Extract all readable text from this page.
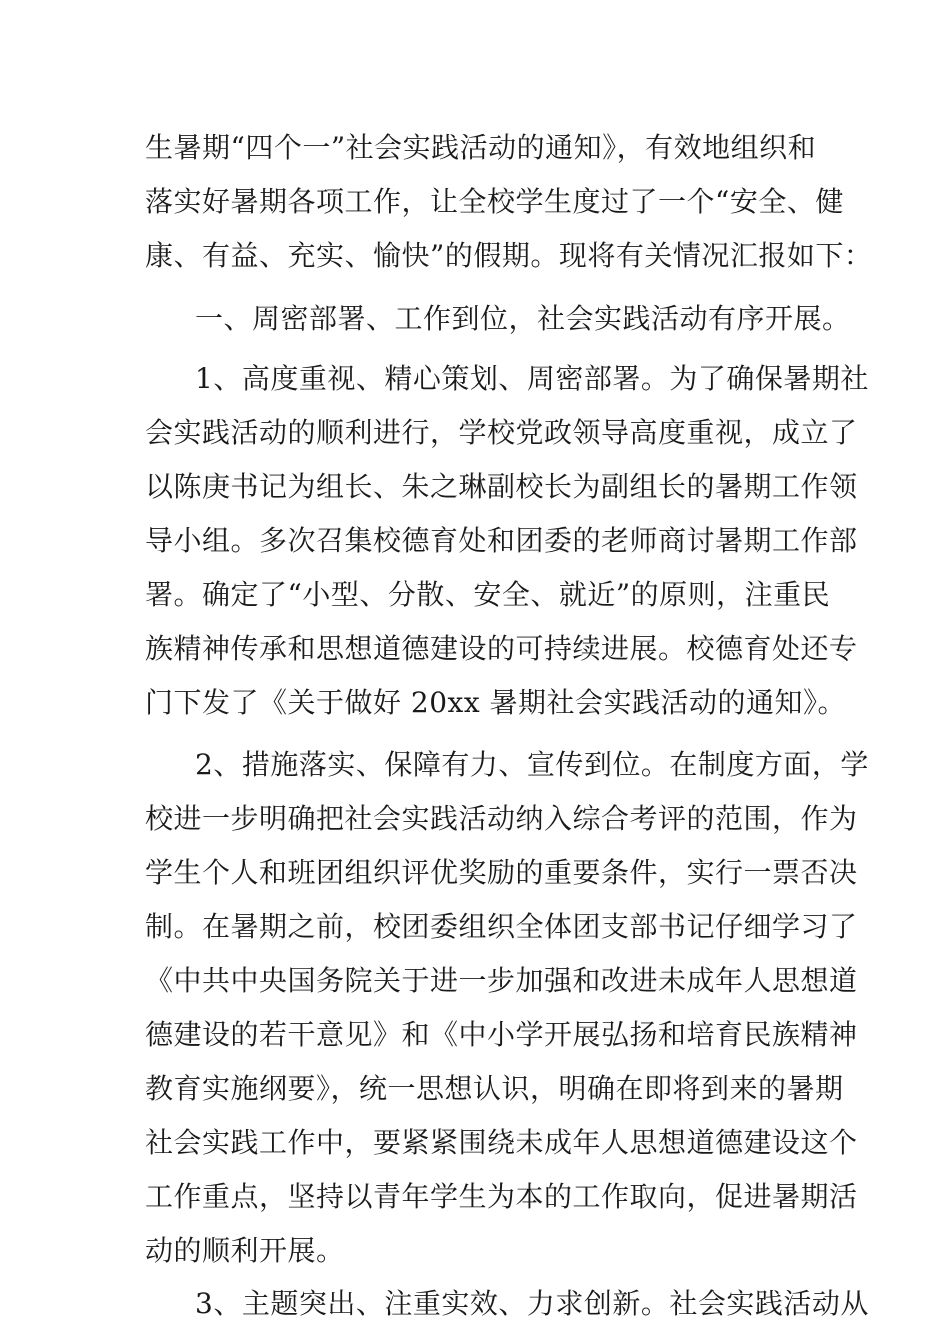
生暑期“四个一”社会实践活动的通知》，有效地组织和
落实好暑期各项工作，让全校学生度过了一个“安全、健
康、有益、充实、愉快”的假期。现将有关情况汇报如下：
一、周密部署、工作到位，社会实践活动有序开展。
1、高度重视、精心策划、周密部署。为了确保暑期社
会实践活动的顺利进行，学校党政领导高度重视，成立了
以陈庚书记为组长、朱之琳副校长为副组长的暑期工作领
导小组。多次召集校德育处和团委的老师商讨暑期工作部
署。确定了“小型、分散、安全、就近”的原则，注重民
族精神传承和思想道德建设的可持续进展。校德育处还专
门下发了《关于做好 20xx 暑期社会实践活动的通知》。
2、措施落实、保障有力、宣传到位。在制度方面，学
校进一步明确把社会实践活动纳入综合考评的范围，作为
学生个人和班团组织评优奖励的重要条件，实行一票否决
制。在暑期之前，校团委组织全体团支部书记仔细学习了
《中共中央国务院关于进一步加强和改进未成年人思想道
德建设的若干意见》和《中小学开展弘扬和培育民族精神
教育实施纲要》，统一思想认识，明确在即将到来的暑期
社会实践工作中，要紧紧围绕未成年人思想道德建设这个
工作重点，坚持以青年学生为本的工作取向，促进暑期活
动的顺利开展。
3、主题突出、注重实效、力求创新。社会实践活动从
